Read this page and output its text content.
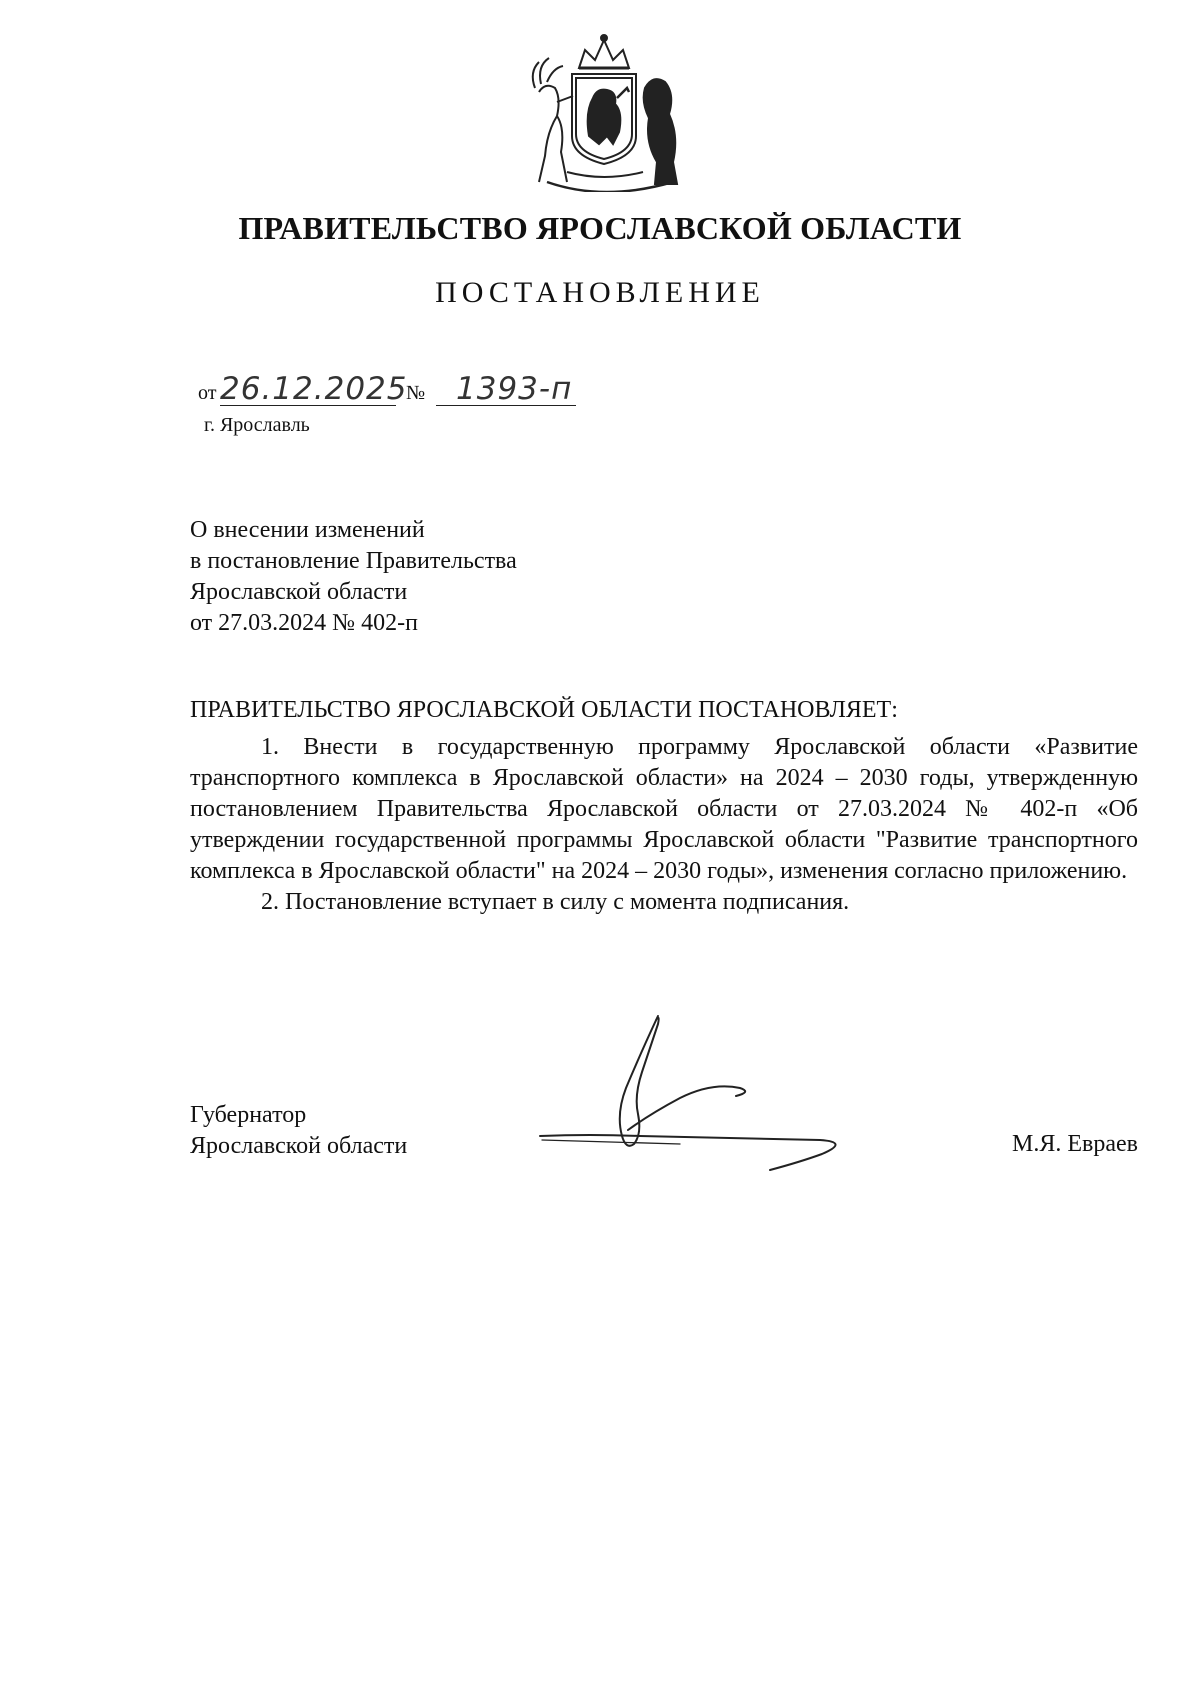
ПРАВИТЕЛЬСТВО ЯРОСЛАВСКОЙ ОБЛАСТИ
ПОСТАНОВЛЕНИЕ
от 26.12.2025
№ 1393-п
г. Ярославль
О внесении изменений
в постановление Правительства
Ярославской области
от 27.03.2024 № 402-п
ПРАВИТЕЛЬСТВО ЯРОСЛАВСКОЙ ОБЛАСТИ ПОСТАНОВЛЯЕТ:

1. Внести в государственную программу Ярославской области «Развитие транспортного комплекса в Ярославской области» на 2024 – 2030 годы, утвержденную постановлением Правительства Ярославской области от 27.03.2024 № 402-п «Об утверждении государственной программы Ярославской области "Развитие транспортного комплекса в Ярославской области" на 2024 – 2030 годы», изменения согласно приложению.

2. Постановление вступает в силу с момента подписания.

Губернатор
Ярославской области	М.Я. Евраев
